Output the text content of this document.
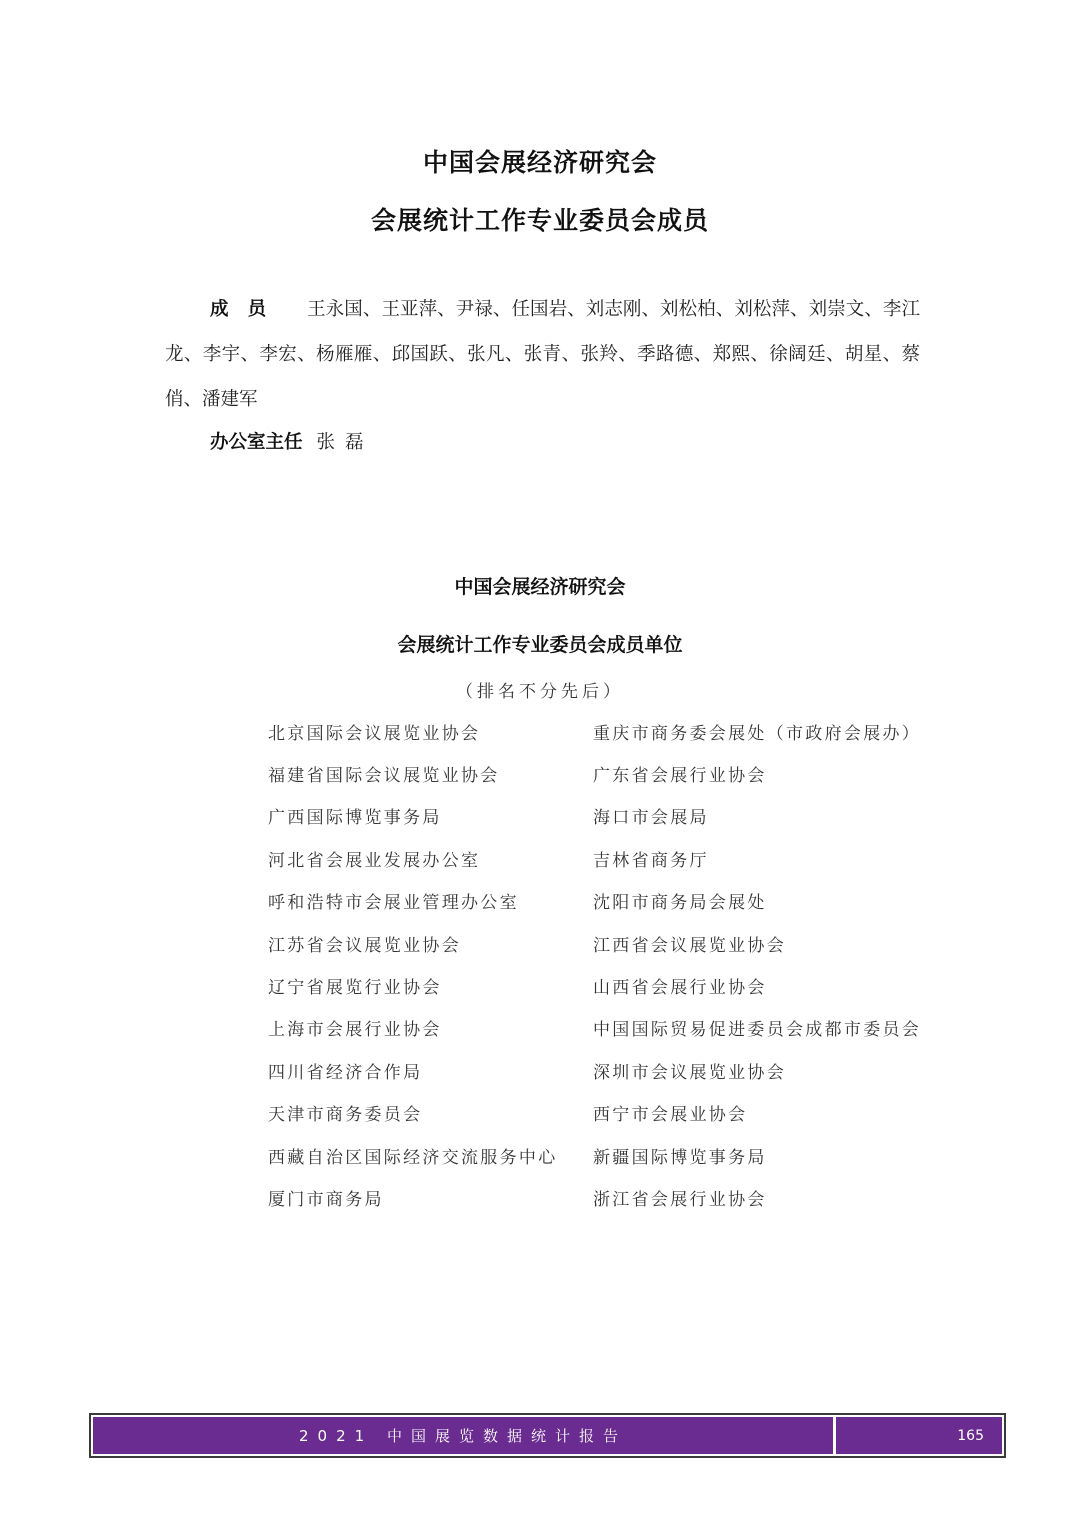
中国会展经济研究会
会展统计工作专业委员会成员

成员 王永国、王亚萍、尹禄、任国岩、刘志刚、刘松柏、刘松萍、刘崇文、李江龙、李宇、李宏、杨雁雁、邱国跃、张凡、张青、张羚、季路德、郑熙、徐阔廷、胡星、蔡俏、潘建军

办公室主任 张磊

中国会展经济研究会
会展统计工作专业委员会成员单位

（排名不分先后）

北京国际会议展览业协会	重庆市商务委会展处（市政府会展办）
福建省国际会议展览业协会	广东省会展行业协会
广西国际博览事务局	海口市会展局
河北省会展业发展办公室	吉林省商务厅
呼和浩特市会展业管理办公室	沈阳市商务局会展处
江苏省会议展览业协会	江西省会议展览业协会
辽宁省展览行业协会	山西省会展行业协会
上海市会展行业协会	中国国际贸易促进委员会成都市委员会
四川省经济合作局	深圳市会议展览业协会
天津市商务委员会	西宁市会展业协会
西藏自治区国际经济交流服务中心	新疆国际博览事务局
厦门市商务局	浙江省会展行业协会
2021 中国展览数据统计报告	165
